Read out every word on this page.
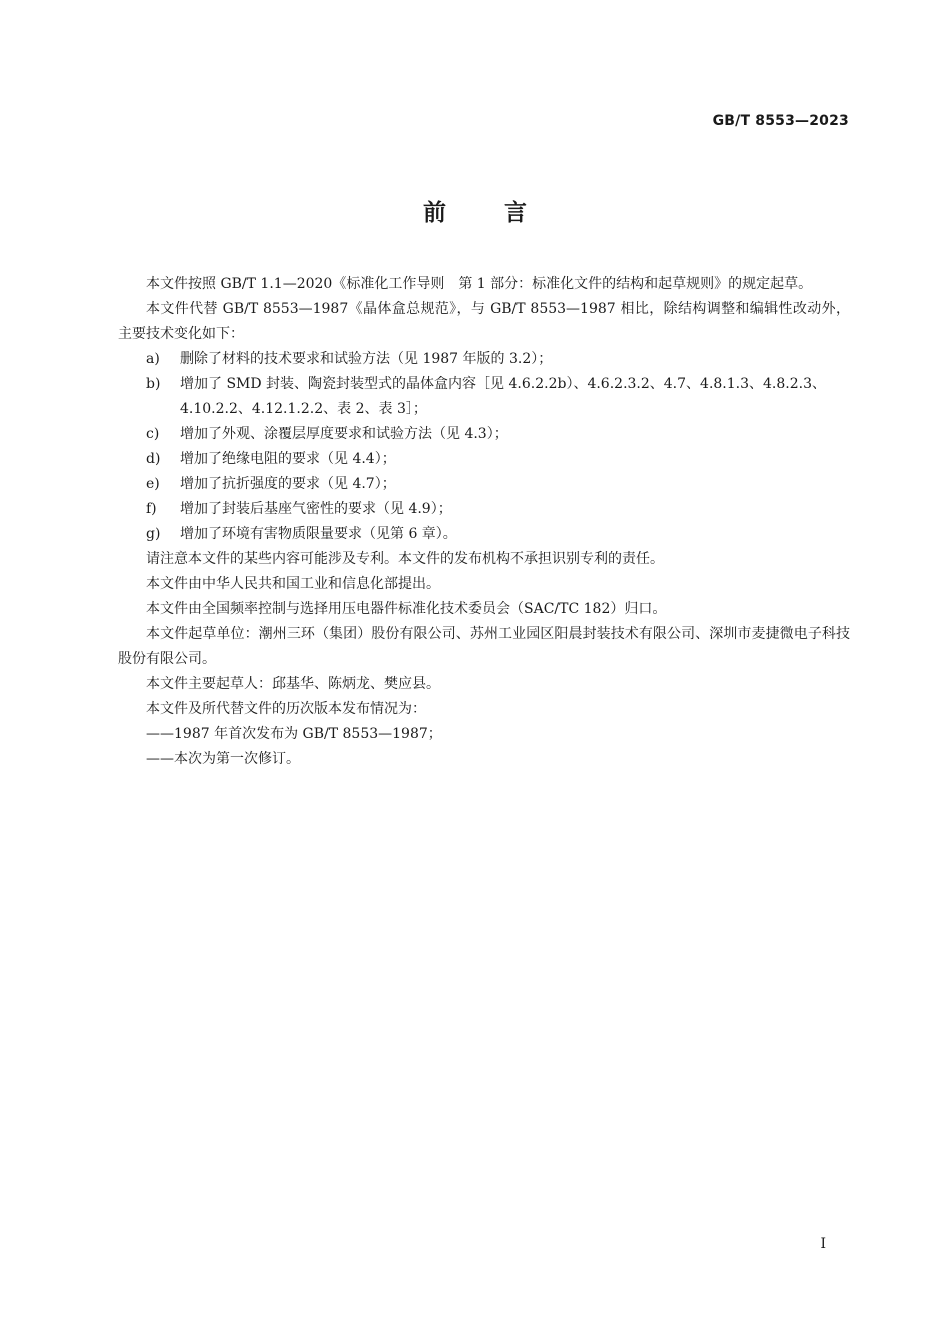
GB/T 8553—2023
前	言

本文件按照 GB/T 1.1—2020《标准化工作导则　第 1 部分：标准化文件的结构和起草规则》的规定起草。

本文件代替 GB/T 8553—1987《晶体盒总规范》，与 GB/T 8553—1987 相比，除结构调整和编辑性改动外，主要技术变化如下：

a) 删除了材料的技术要求和试验方法（见 1987 年版的 3.2）；
b) 增加了 SMD 封装、陶瓷封装型式的晶体盒内容［见 4.6.2.2b）、4.6.2.3.2、4.7、4.8.1.3、4.8.2.3、4.10.2.2、4.12.1.2.2、表 2、表 3］；
c) 增加了外观、涂覆层厚度要求和试验方法（见 4.3）；
d) 增加了绝缘电阻的要求（见 4.4）；
e) 增加了抗折强度的要求（见 4.7）；
f) 增加了封装后基座气密性的要求（见 4.9）；
g) 增加了环境有害物质限量要求（见第 6 章）。

请注意本文件的某些内容可能涉及专利。本文件的发布机构不承担识别专利的责任。

本文件由中华人民共和国工业和信息化部提出。

本文件由全国频率控制与选择用压电器件标准化技术委员会（SAC/TC 182）归口。

本文件起草单位：潮州三环（集团）股份有限公司、苏州工业园区阳晨封装技术有限公司、深圳市麦捷微电子科技股份有限公司。

本文件主要起草人：邱基华、陈炳龙、樊应县。

本文件及所代替文件的历次版本发布情况为：

——1987 年首次发布为 GB/T 8553—1987；

——本次为第一次修订。

I
